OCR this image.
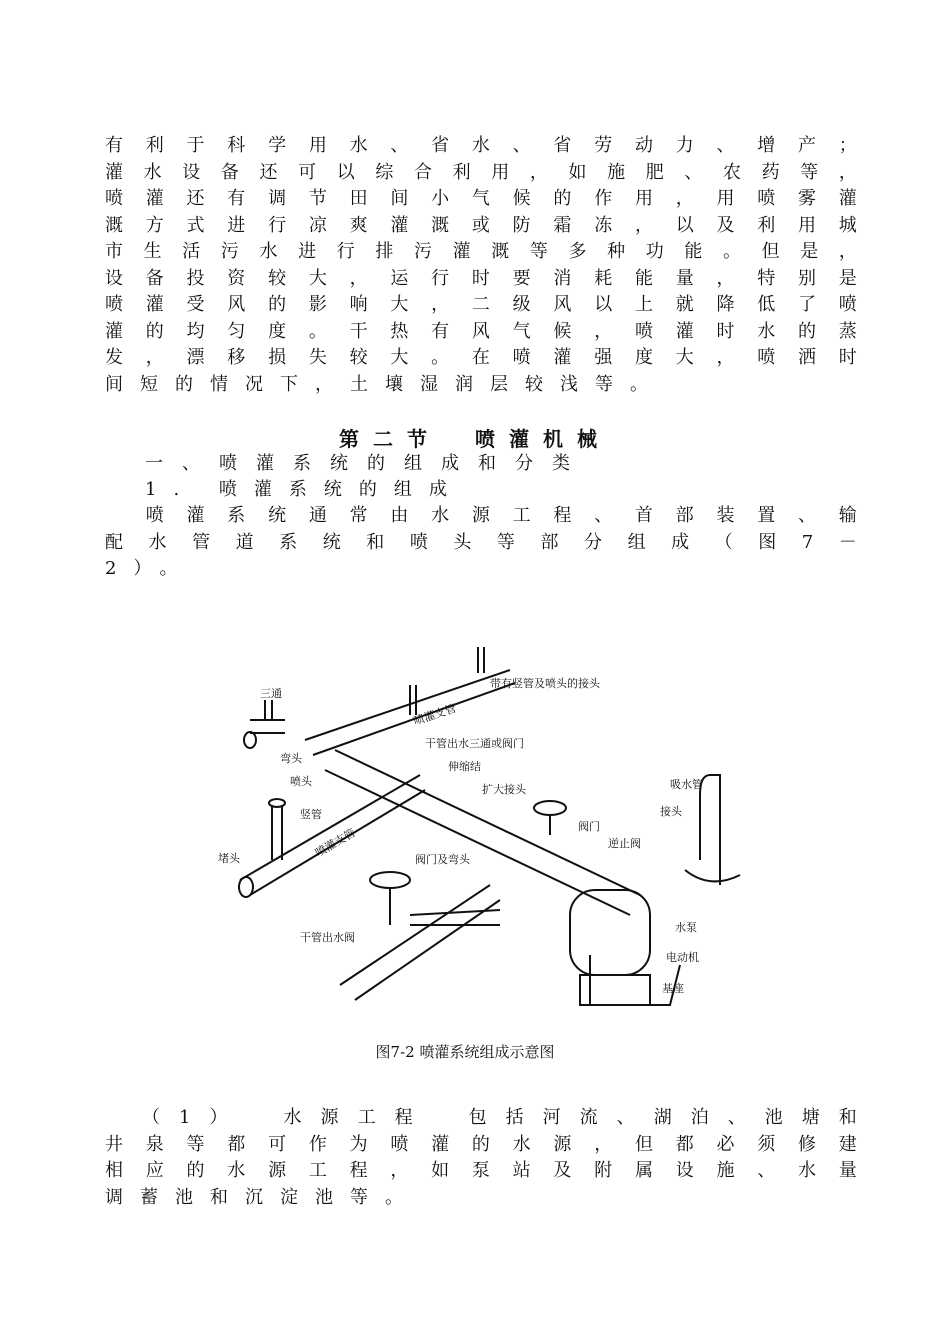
有 利 于 科 学 用 水 、 省 水 、 省 劳 动 力 、 增 产 ；
灌 水 设 备 还 可 以 综 合 利 用 ， 如 施 肥 、 农 药 等 ，
喷 灌 还 有 调 节 田 间 小 气 候 的 作 用 ， 用 喷 雾 灌
溉 方 式 进 行 凉 爽 灌 溉 或 防 霜 冻 ， 以 及 利 用 城
市 生 活 污 水 进 行 排 污 灌 溉 等 多 种 功 能 。 但 是 ，
设 备 投 资 较 大 ， 运 行 时 要 消 耗 能 量 ， 特 别 是
喷 灌 受 风 的 影 响 大 ， 二 级 风 以 上 就 降 低 了 喷
灌 的 均 匀 度 。 干 热 有 风 气 候 ， 喷 灌 时 水 的 蒸
发 ， 漂 移 损 失 较 大 。 在 喷 灌 强 度 大 ， 喷 洒 时
间短的情况下，土壤湿润层较浅等。
第二节　喷灌机械
一、喷灌系统的组成和分类
1. 喷灌系统的组成

喷 灌 系 统 通 常 由 水 源 工 程 、 首 部 装 置 、 输
配 水 管 道 系 统 和 喷 头 等 部 分 组 成 （ 图 7 －
2）。
三通
弯头
喷头
竖管
堵头
喷灌支管
喷灌支管
带有竖管及喷头的接头
干管出水三通或阀门
伸缩结
扩大接头
阀门
逆止阀
吸水管
接头
水泵
电动机
基座
阀门及弯头
干管出水阀
图7-2 喷灌系统组成示意图

（ 1 ）
　	水 源 工 程
　	包 括 河 流 、 湖 泊 、 池 塘 和
井 泉 等 都 可 作 为 喷 灌 的 水 源 ， 但 都 必 须 修 建
相 应 的 水 源 工 程 ， 如 泵 站 及 附 属 设 施 、 水 量
调蓄池和沉淀池等。
